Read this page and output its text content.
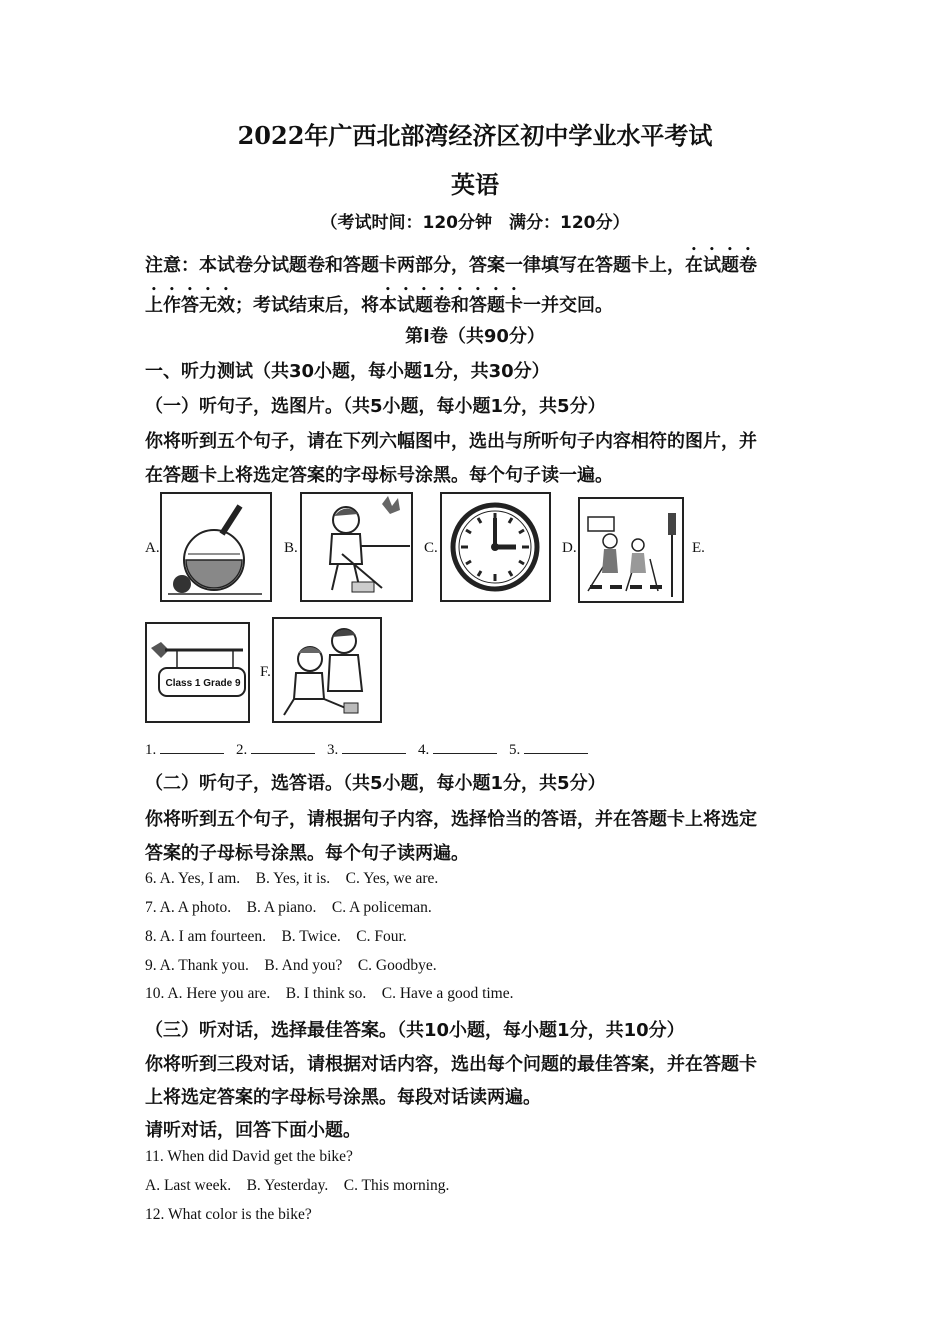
2022年广西北部湾经济区初中学业水平考试
英语
（考试时间：120分钟　满分：120分）
注意：本试卷分试题卷和答题卡两部分，答案一律填写在答题卡上，在试题卷
上作答无效；考试结束后，将本试题卷和答题卡一并交回。
第Ⅰ卷（共90分）
一、听力测试（共30小题，每小题1分，共30分）
（一）听句子，选图片。（共5小题，每小题1分，共5分）
你将听到五个句子，请在下列六幅图中，选出与所听句子内容相符的图片，并
在答题卡上将选定答案的字母标号涂黑。每个句子读一遍。
A.	B.	C.	D.	E.
Class 1 Grade 9
F.
1.	2.	3.	4.	5.
（二）听句子，选答语。（共5小题，每小题1分，共5分）
你将听到五个句子，请根据句子内容，选择恰当的答语，并在答题卡上将选定
答案的子母标号涂黑。每个句子读两遍。
6. A. Yes, I am.    B. Yes, it is.    C. Yes, we are.
7. A. A photo.    B. A piano.    C. A policeman.
8. A. I am fourteen.    B. Twice.    C. Four.
9. A. Thank you.    B. And you?    C. Goodbye.
10. A. Here you are.    B. I think so.    C. Have a good time.
（三）听对话，选择最佳答案。（共10小题，每小题1分，共10分）
你将听到三段对话，请根据对话内容，选出每个问题的最佳答案，并在答题卡
上将选定答案的字母标号涂黑。每段对话读两遍。
请听对话，回答下面小题。
11. When did David get the bike?
A. Last week.    B. Yesterday.    C. This morning.
12. What color is the bike?
